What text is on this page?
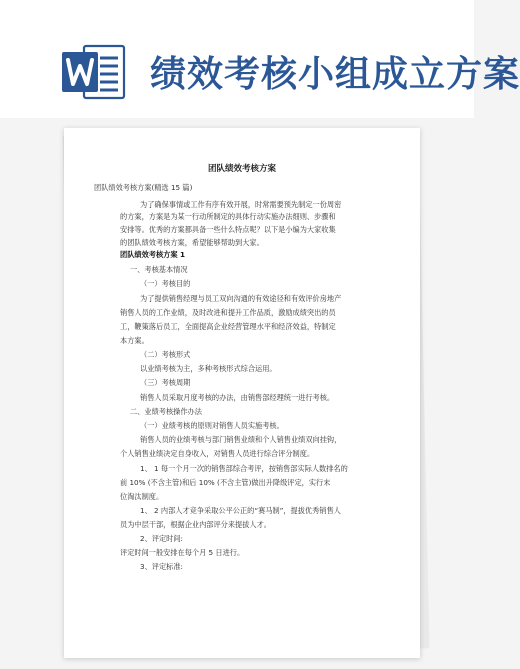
绩效考核小组成立方案
团队绩效考核方案
团队绩效考核方案(精选 15 篇)
为了确保事情或工作有序有效开展，时常需要预先制定一份周密
的方案，方案是为某一行动所制定的具体行动实施办法细则、步骤和
安排等。优秀的方案都具备一些什么特点呢？以下是小编为大家收集
的团队绩效考核方案，希望能够帮助到大家。
团队绩效考核方案 1
一、考核基本情况
（一）考核目的
为了提供销售经理与员工双向沟通的有效途径和有效评价房地产
销售人员的工作业绩，及时改进和提升工作品质，激励成绩突出的员
工，鞭策落后员工，全面提高企业经营管理水平和经济效益，特制定
本方案。
（二）考核形式
以业绩考核为主，多种考核形式综合运用。
（三）考核周期
销售人员采取月度考核的办法，由销售部经理统一进行考核。
二、业绩考核操作办法
（一）业绩考核的原则对销售人员实施考核。
销售人员的业绩考核与部门销售业绩和个人销售业绩双向挂钩，
个人销售业绩决定自身收入，对销售人员进行综合评分制度。
1、 1 每一个月一次的销售部综合考评，按销售部实际人数排名的
前 10% (不含主管)和后 10% (不含主管)做出升降级评定，实行末
位淘汰制度。
1、 2 内部人才竞争采取公平公正的“赛马制”，提拔优秀销售人
员为中层干部，根据企业内部评分来提拔人才。
2、评定时间:
评定时间一般安排在每个月 5 日进行。
3、评定标准:
